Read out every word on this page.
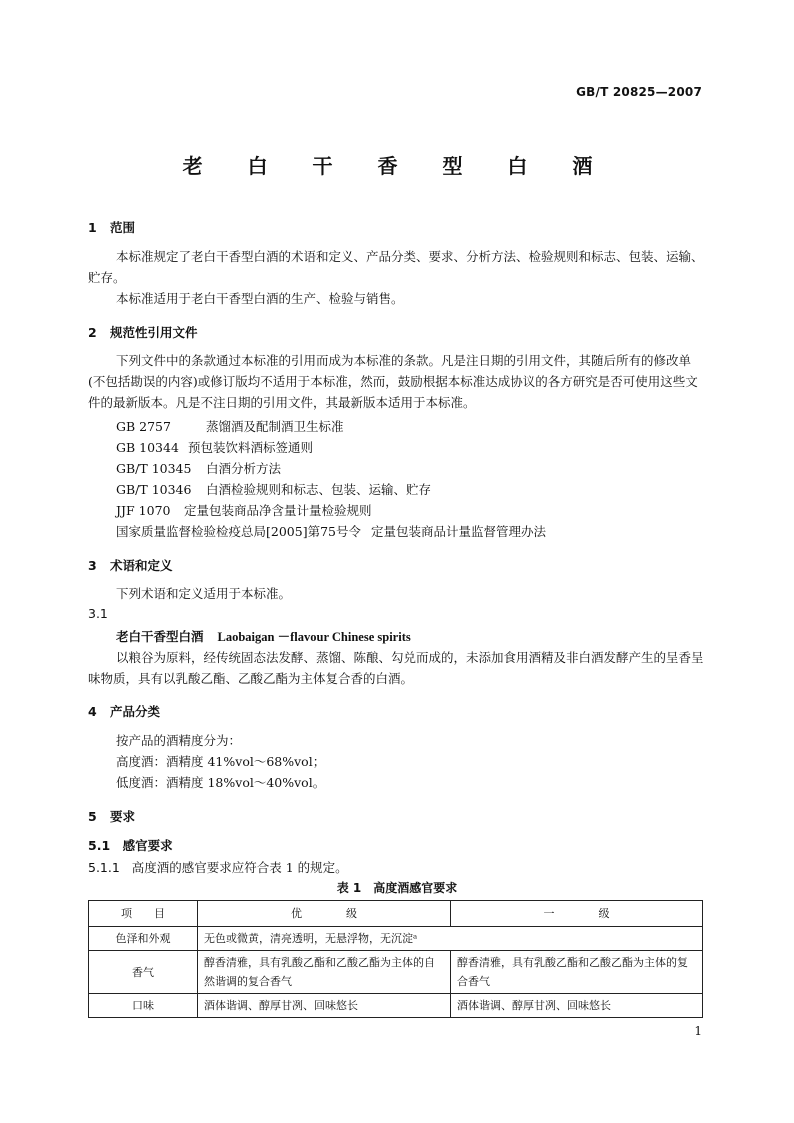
GB/T 20825—2007
老 白 干 香 型 白 酒
1 范围
本标准规定了老白干香型白酒的术语和定义、产品分类、要求、分析方法、检验规则和标志、包装、运输、贮存。
本标准适用于老白干香型白酒的生产、检验与销售。
2 规范性引用文件
下列文件中的条款通过本标准的引用而成为本标准的条款。凡是注日期的引用文件，其随后所有的修改单(不包括勘误的内容)或修订版均不适用于本标准，然而，鼓励根据本标准达成协议的各方研究是否可使用这些文件的最新版本。凡是不注日期的引用文件，其最新版本适用于本标准。
GB 2757	蒸馏酒及配制酒卫生标准
GB 10344 预包装饮料酒标签通则
GB/T 10345 白酒分析方法
GB/T 10346 白酒检验规则和标志、包装、运输、贮存
JJF 1070 定量包装商品净含量计量检验规则
国家质量监督检验检疫总局[2005]第75号令 定量包装商品计量监督管理办法
3 术语和定义
下列术语和定义适用于本标准。
3.1
老白干香型白酒 Laobaigan －flavour Chinese spirits
以粮谷为原料，经传统固态法发酵、蒸馏、陈酿、勾兑而成的，未添加食用酒精及非白酒发酵产生的呈香呈味物质，具有以乳酸乙酯、乙酸乙酯为主体复合香的白酒。
4 产品分类
按产品的酒精度分为：
高度酒：酒精度 41%vol～68%vol；
低度酒：酒精度 18%vol～40%vol。
5 要求
5.1　感官要求
5.1.1 高度酒的感官要求应符合表 1 的规定。
表 1　高度酒感官要求
项　　目	优　　　　级	一　　　　级
色泽和外观	无色或微黄，清亮透明，无悬浮物，无沉淀ᵃ	
香气	醇香清雅，具有乳酸乙酯和乙酸乙酯为主体的自然谐调的复合香气	醇香清雅，具有乳酸乙酯和乙酸乙酯为主体的复合香气
口味	酒体谐调、醇厚甘冽、回味悠长	酒体谐调、醇厚甘冽、回味悠长
1
